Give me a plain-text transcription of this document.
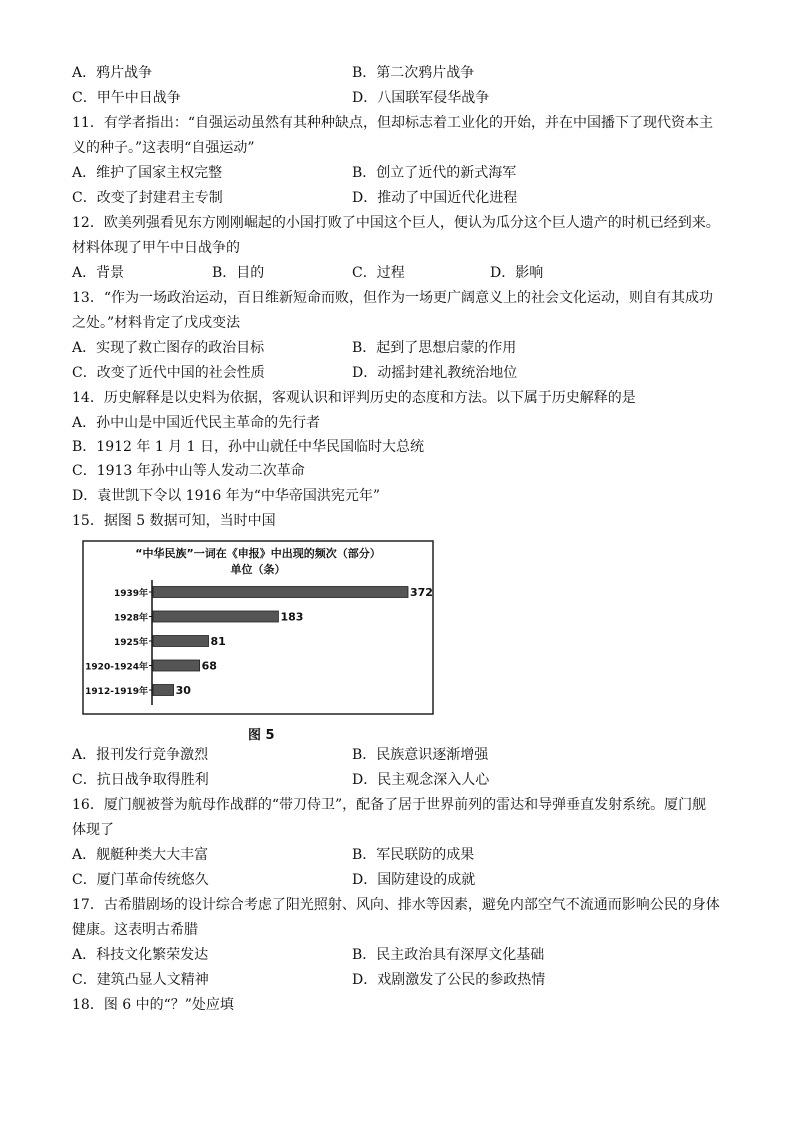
A．鸦片战争	B．第二次鸦片战争
C．甲午中日战争	D．八国联军侵华战争
11．有学者指出：“自强运动虽然有其种种缺点，但却标志着工业化的开始，并在中国播下了现代资本主
义的种子。”这表明“自强运动”
A．维护了国家主权完整	B．创立了近代的新式海军
C．改变了封建君主专制	D．推动了中国近代化进程
12．欧美列强看见东方刚刚崛起的小国打败了中国这个巨人，便认为瓜分这个巨人遗产的时机已经到来。
材料体现了甲午中日战争的
A．背景	B．目的	C．过程	D．影响
13．“作为一场政治运动，百日维新短命而败，但作为一场更广阔意义上的社会文化运动，则自有其成功
之处。”材料肯定了戊戌变法
A．实现了救亡图存的政治目标	B．起到了思想启蒙的作用
C．改变了近代中国的社会性质	D．动摇封建礼教统治地位
14．历史解释是以史料为依据，客观认识和评判历史的态度和方法。以下属于历史解释的是
A．孙中山是中国近代民主革命的先行者
B．1912 年 1 月 1 日，孙中山就任中华民国临时大总统
C．1913 年孙中山等人发动二次革命
D．袁世凯下令以 1916 年为“中华帝国洪宪元年”
15．据图 5 数据可知，当时中国
“中华民族”一词在《申报》中出现的频次（部分）
单位（条）
1939年	372
1928年	183
1925年	81
1920-1924年	68
1912-1919年	30
图 5
A．报刊发行竞争激烈	B．民族意识逐渐增强
C．抗日战争取得胜利	D．民主观念深入人心
16．厦门舰被誉为航母作战群的“带刀侍卫”，配备了居于世界前列的雷达和导弹垂直发射系统。厦门舰
体现了
A．舰艇种类大大丰富	B．军民联防的成果
C．厦门革命传统悠久	D．国防建设的成就
17．古希腊剧场的设计综合考虑了阳光照射、风向、排水等因素，避免内部空气不流通而影响公民的身体
健康。这表明古希腊
A．科技文化繁荣发达	B．民主政治具有深厚文化基础
C．建筑凸显人文精神	D．戏剧激发了公民的参政热情
18．图 6 中的“？”处应填
